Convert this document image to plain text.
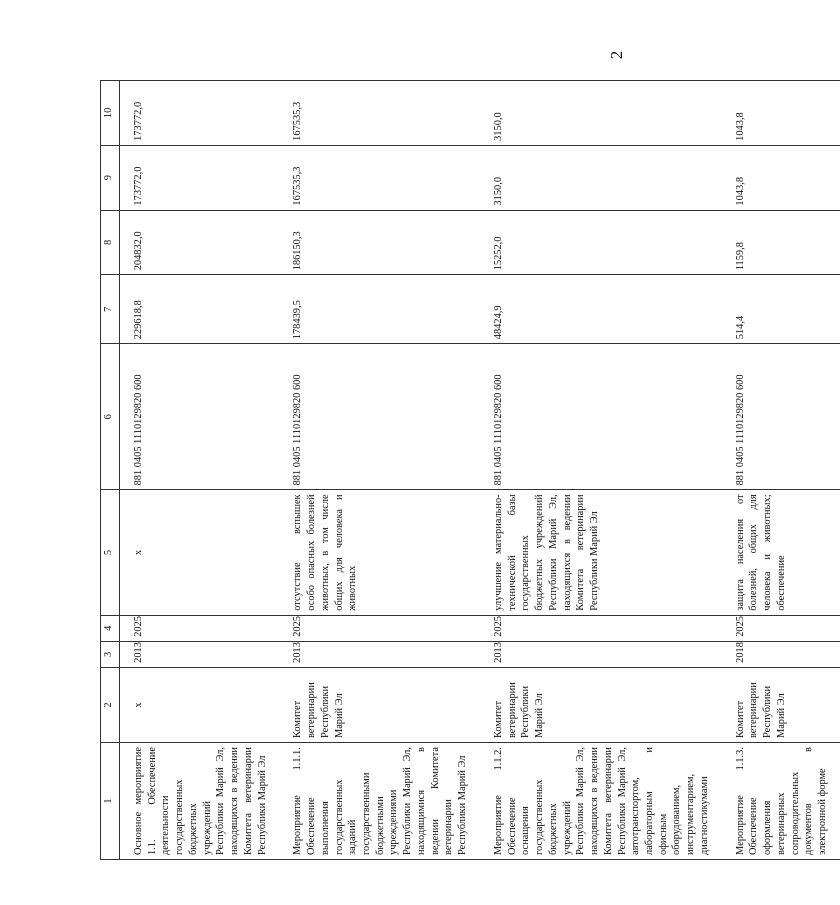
2
1	2	3	4	5	6	7	8	9	10
Основное мероприятие 1.1. Обеспечение деятельности государственных бюджетных учреждений Республики Марий Эл, находящихся в ведении Комитета ветеринарии Республики Марий Эл	x	2013	2025	x	881 0405 1110129820 600	229618,8	204832,0	173772,0	173772,0
Мероприятие 1.1.1. Обеспечение выполнения государственных заданий государственными бюджетными учреждениями Республики Марий Эл, находящимися в ведении Комитета ветеринарии Республики Марий Эл	Комитет ветеринарии Республики Марий Эл	2013	2025	отсутствие вспышек особо опасных болезней животных, в том числе общих для человека и животных	881 0405 1110129820 600	178439,5	186150,3	167535,3	167535,3
Мероприятие 1.1.2. Обеспечение оснащения государственных бюджетных учреждений Республики Марий Эл, находящихся в ведении Комитета ветеринарии Республики Марий Эл, автотранспортом, лабораторным и офисным оборудованием, инструментарием, диагностикумами	Комитет ветеринарии Республики Марий Эл	2013	2025	улучшение материально-технической базы государственных бюджетных учреждений Республики Марий Эл, находящихся в ведении Комитета ветеринарии Республики Марий Эл	881 0405 1110129820 600	48424,9	15252,0	3150,0	3150,0
Мероприятие 1.1.3. Обеспечение оформления ветеринарных сопроводительных документов в электронной форме	Комитет ветеринарии Республики Марий Эл	2018	2025	защита населения от болезней, общих для человека и животных; обеспечение	881 0405 1110129820 600	514,4	1159,8	1043,8	1043,8
